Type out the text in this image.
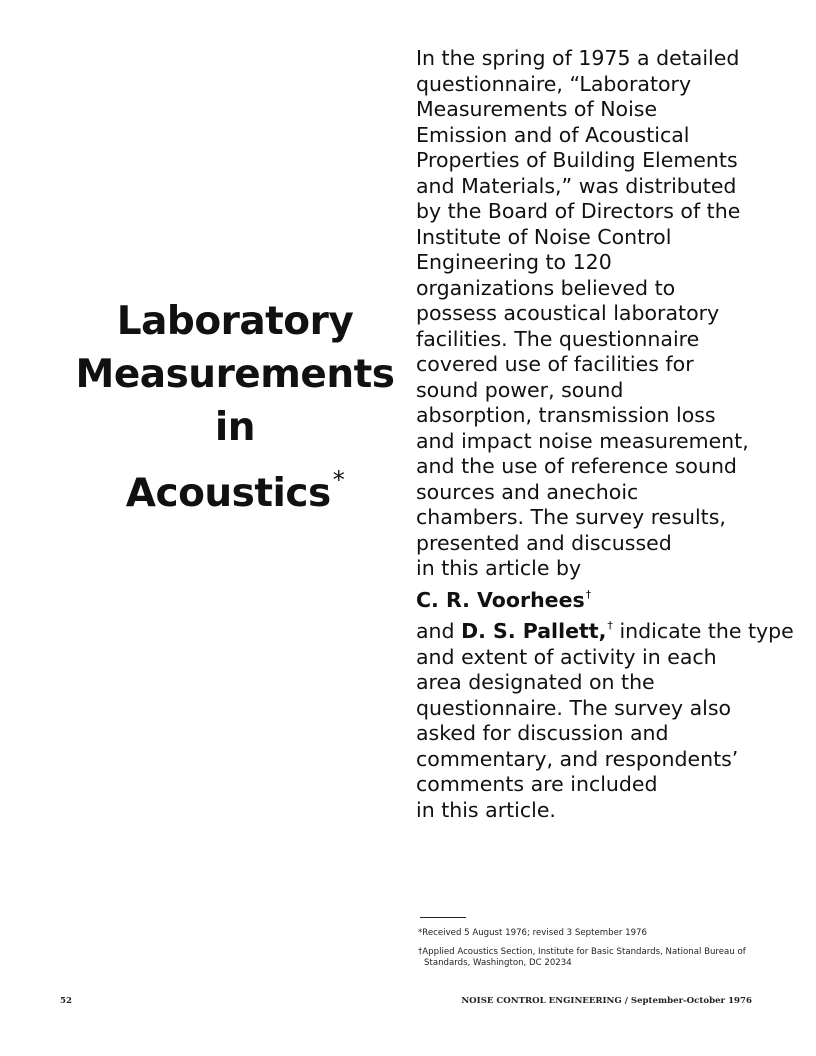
Laboratory
Measurements
in
Acoustics*
In the spring of 1975 a detailed
questionnaire, “Laboratory
Measurements of Noise
Emission and of Acoustical
Properties of Building Elements
and Materials,” was distributed
by the Board of Directors of the
Institute of Noise Control
Engineering to 120
organizations believed to
possess acoustical laboratory
facilities. The questionnaire
covered use of facilities for
sound power, sound
absorption, transmission loss
and impact noise measurement,
and the use of reference sound
sources and anechoic
chambers. The survey results,
presented and discussed
in this article by
C. R. Voorhees†
and D. S. Pallett,† indicate the type
and extent of activity in each
area designated on the
questionnaire. The survey also
asked for discussion and
commentary, and respondents’
comments are included
in this article.

*Received 5 August 1976; revised 3 September 1976

†Applied Acoustics Section, Institute for Basic Standards, National Bureau of Standards, Washington, DC 20234

52	NOISE CONTROL ENGINEERING / September-October 1976
